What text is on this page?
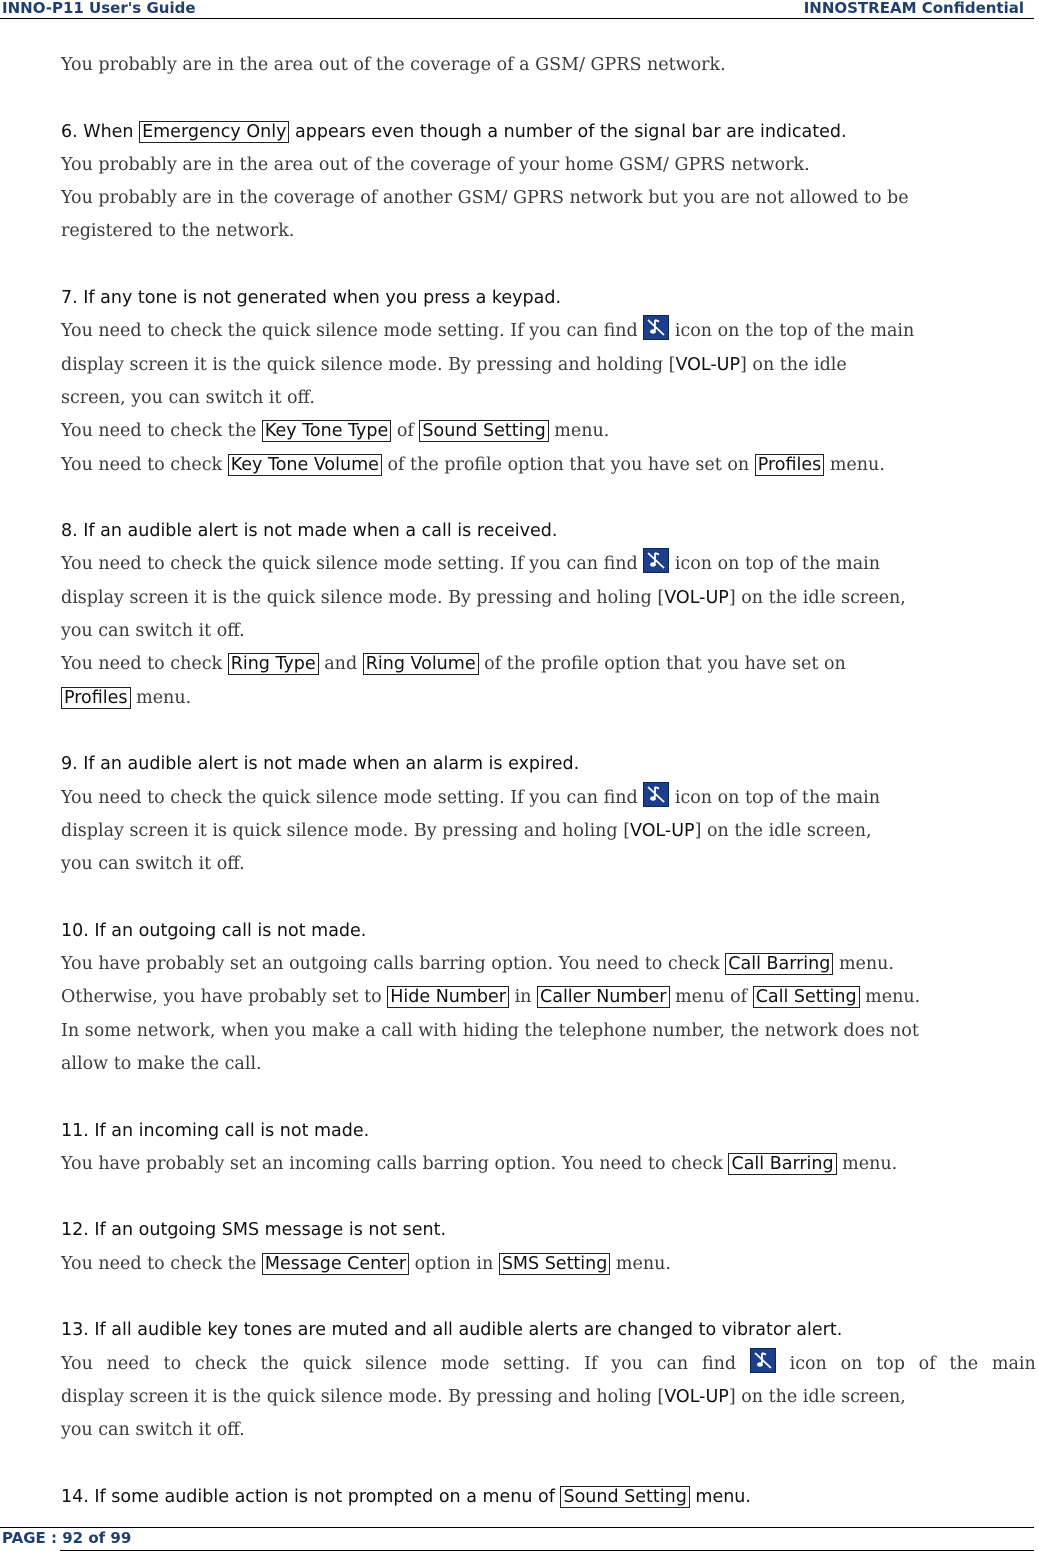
INNO-P11 User's Guide	INNOSTREAM Confidential
You probably are in the area out of the coverage of a GSM/ GPRS network.
6. When Emergency Only appears even though a number of the signal bar are indicated.
You probably are in the area out of the coverage of your home GSM/ GPRS network.
You probably are in the coverage of another GSM/ GPRS network but you are not allowed to be
registered to the network.
7. If any tone is not generated when you press a keypad.
You need to check the quick silence mode setting. If you can find
icon on the top of the main
display screen it is the quick silence mode. By pressing and holding [VOL-UP] on the idle
screen, you can switch it off.
You need to check the Key Tone Type of Sound Setting menu.
You need to check Key Tone Volume of the profile option that you have set on Profiles menu.
8. If an audible alert is not made when a call is received.
You need to check the quick silence mode setting. If you can find
icon on top of the main
display screen it is the quick silence mode. By pressing and holing [VOL-UP] on the idle screen,
you can switch it off.
You need to check Ring Type and Ring Volume of the profile option that you have set on
Profiles menu.
9. If an audible alert is not made when an alarm is expired.
You need to check the quick silence mode setting. If you can find
icon on top of the main
display screen it is quick silence mode. By pressing and holing [VOL-UP] on the idle screen,
you can switch it off.
10. If an outgoing call is not made.
You have probably set an outgoing calls barring option. You need to check Call Barring menu.
Otherwise, you have probably set to Hide Number in Caller Number menu of Call Setting menu.
In some network, when you make a call with hiding the telephone number, the network does not
allow to make the call.
11. If an incoming call is not made.
You have probably set an incoming calls barring option. You need to check Call Barring menu.
12. If an outgoing SMS message is not sent.
You need to check the Message Center option in SMS Setting menu.
13. If all audible key tones are muted and all audible alerts are changed to vibrator alert.
You need to check the quick silence mode setting. If you can find	icon on top of the main
display screen it is the quick silence mode. By pressing and holing [VOL-UP] on the idle screen,
you can switch it off.
14. If some audible action is not prompted on a menu of Sound Setting menu.
PAGE : 92 of 99
